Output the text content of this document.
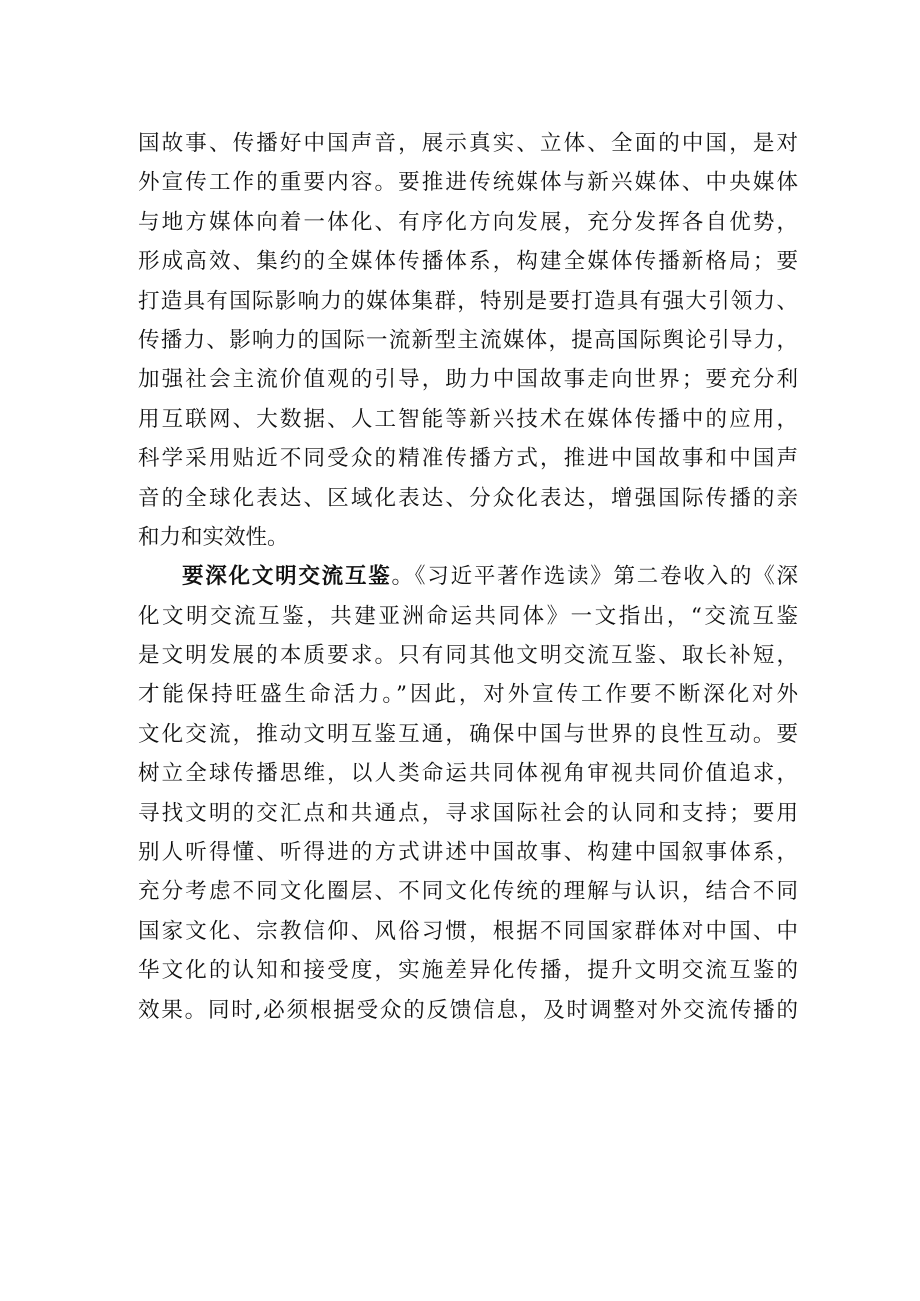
国故事、传播好中国声音，展示真实、立体、全面的中国，是对
外宣传工作的重要内容。要推进传统媒体与新兴媒体、中央媒体
与地方媒体向着一体化、有序化方向发展，充分发挥各自优势，
形成高效、集约的全媒体传播体系，构建全媒体传播新格局；要
打造具有国际影响力的媒体集群，特别是要打造具有强大引领力、
传播力、影响力的国际一流新型主流媒体，提高国际舆论引导力，
加强社会主流价值观的引导，助力中国故事走向世界；要充分利
用互联网、大数据、人工智能等新兴技术在媒体传播中的应用，
科学采用贴近不同受众的精准传播方式，推进中国故事和中国声
音的全球化表达、区域化表达、分众化表达，增强国际传播的亲
和力和实效性。
要深化文明交流互鉴。《习近平著作选读》第二卷收入的《深
化文明交流互鉴，共建亚洲命运共同体》一文指出，“交流互鉴
是文明发展的本质要求。只有同其他文明交流互鉴、取长补短，
才能保持旺盛生命活力。”因此，对外宣传工作要不断深化对外
文化交流，推动文明互鉴互通，确保中国与世界的良性互动。要
树立全球传播思维，以人类命运共同体视角审视共同价值追求，
寻找文明的交汇点和共通点，寻求国际社会的认同和支持；要用
别人听得懂、听得进的方式讲述中国故事、构建中国叙事体系，
充分考虑不同文化圈层、不同文化传统的理解与认识，结合不同
国家文化、宗教信仰、风俗习惯，根据不同国家群体对中国、中
华文化的认知和接受度，实施差异化传播，提升文明交流互鉴的
效果。同时,必须根据受众的反馈信息，及时调整对外交流传播的
